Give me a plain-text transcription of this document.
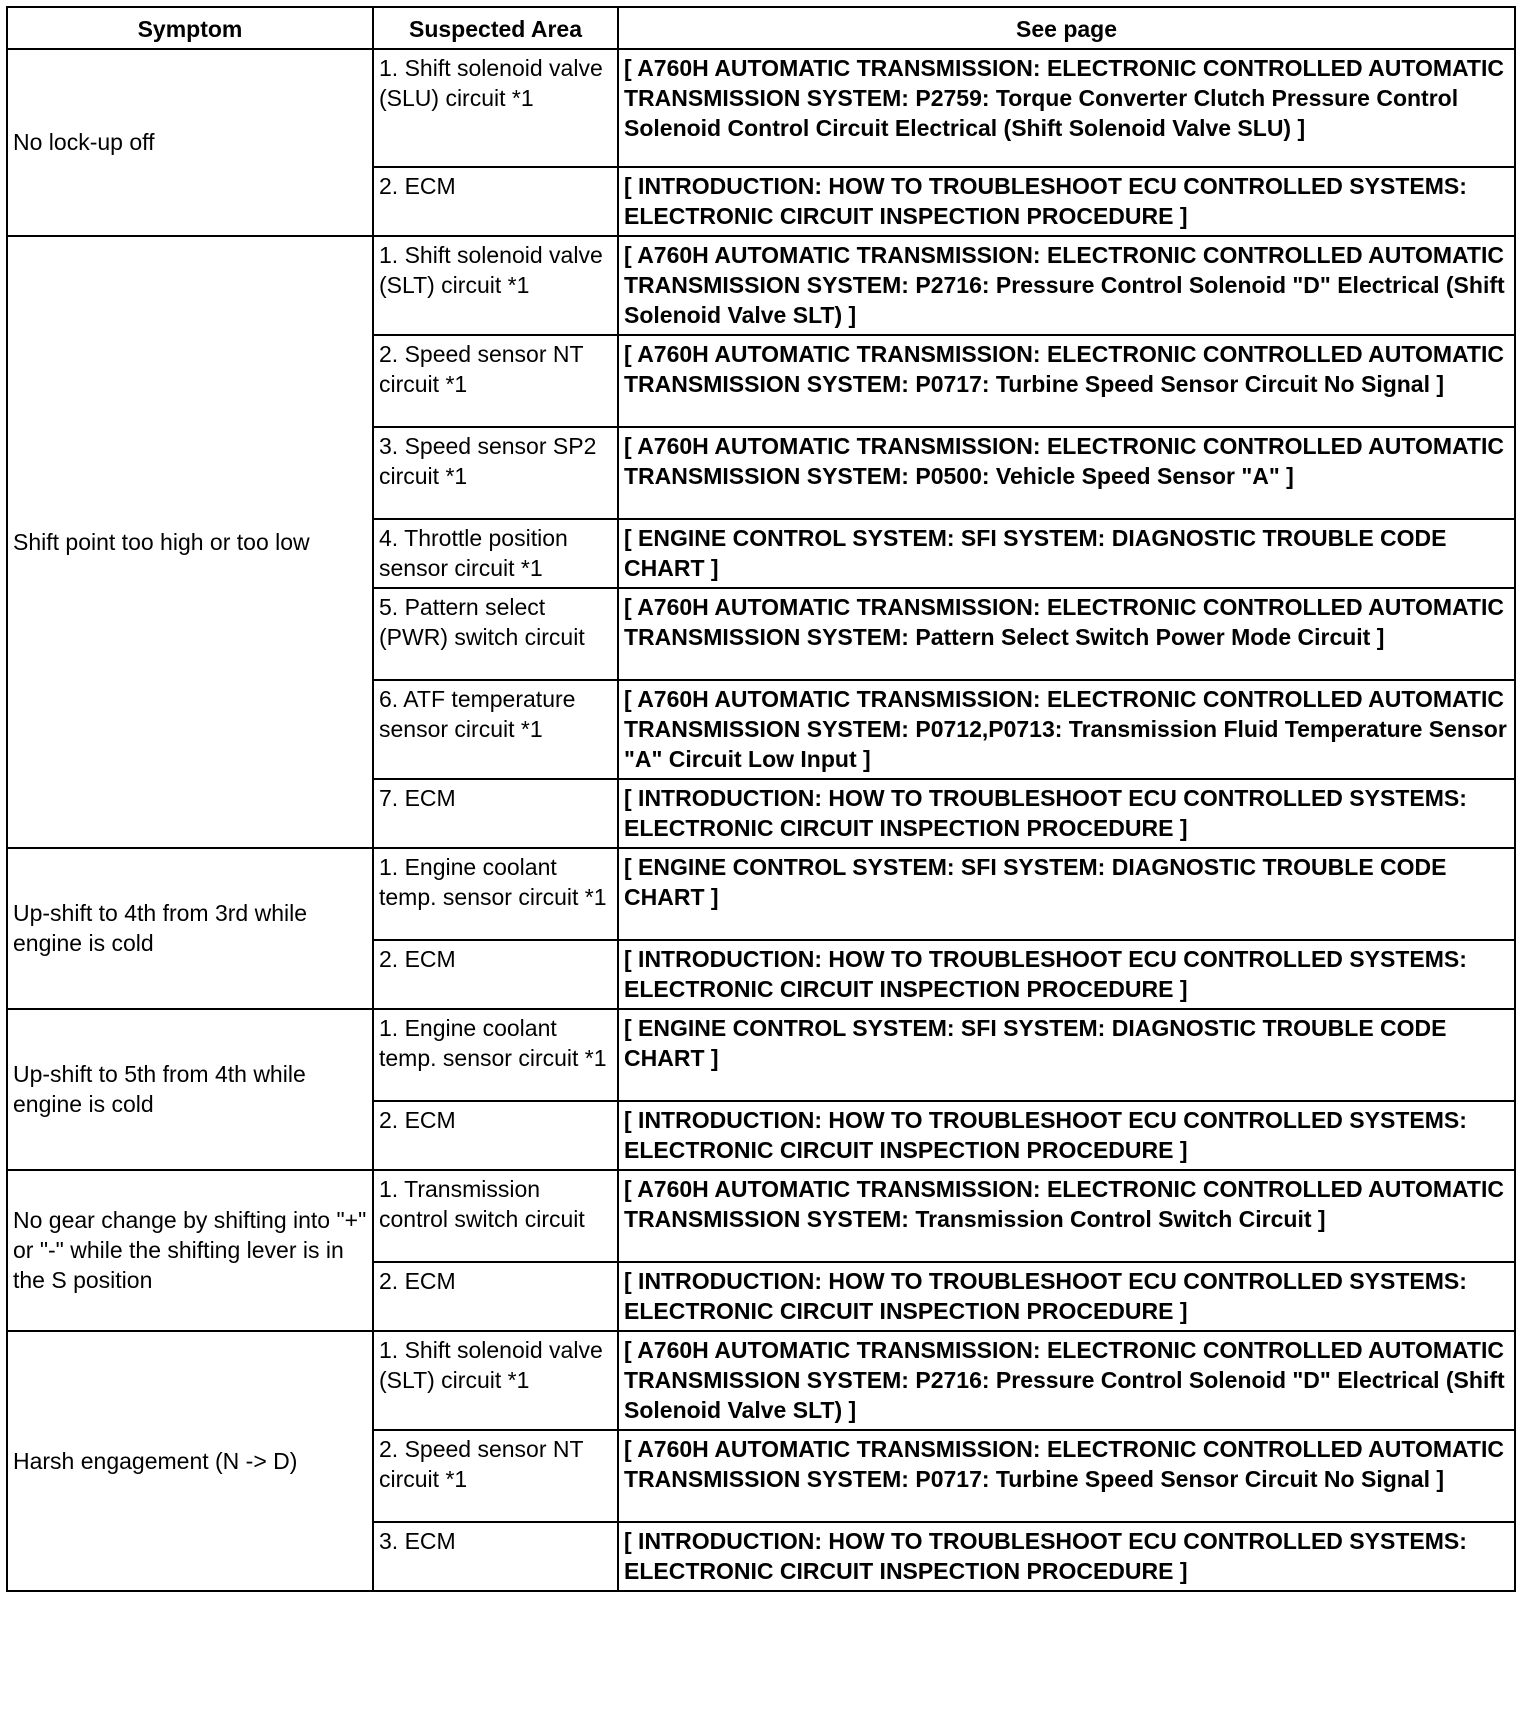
Symptom	Suspected Area	See page
No lock-up off	1. Shift solenoid valve (SLU) circuit *1	[ A760H AUTOMATIC TRANSMISSION: ELECTRONIC CONTROLLED AUTOMATIC TRANSMISSION SYSTEM: P2759: Torque Converter Clutch Pressure Control Solenoid Control Circuit Electrical (Shift Solenoid Valve SLU) ]
	2. ECM	[ INTRODUCTION: HOW TO TROUBLESHOOT ECU CONTROLLED SYSTEMS: ELECTRONIC CIRCUIT INSPECTION PROCEDURE ]
Shift point too high or too low	1. Shift solenoid valve (SLT) circuit *1	[ A760H AUTOMATIC TRANSMISSION: ELECTRONIC CONTROLLED AUTOMATIC TRANSMISSION SYSTEM: P2716: Pressure Control Solenoid "D" Electrical (Shift Solenoid Valve SLT) ]
	2. Speed sensor NT circuit *1	[ A760H AUTOMATIC TRANSMISSION: ELECTRONIC CONTROLLED AUTOMATIC TRANSMISSION SYSTEM: P0717: Turbine Speed Sensor Circuit No Signal ]
	3. Speed sensor SP2 circuit *1	[ A760H AUTOMATIC TRANSMISSION: ELECTRONIC CONTROLLED AUTOMATIC TRANSMISSION SYSTEM: P0500: Vehicle Speed Sensor "A" ]
	4. Throttle position sensor circuit *1	[ ENGINE CONTROL SYSTEM: SFI SYSTEM: DIAGNOSTIC TROUBLE CODE CHART ]
	5. Pattern select (PWR) switch circuit	[ A760H AUTOMATIC TRANSMISSION: ELECTRONIC CONTROLLED AUTOMATIC TRANSMISSION SYSTEM: Pattern Select Switch Power Mode Circuit ]
	6. ATF temperature sensor circuit *1	[ A760H AUTOMATIC TRANSMISSION: ELECTRONIC CONTROLLED AUTOMATIC TRANSMISSION SYSTEM: P0712,P0713: Transmission Fluid Temperature Sensor "A" Circuit Low Input ]
	7. ECM	[ INTRODUCTION: HOW TO TROUBLESHOOT ECU CONTROLLED SYSTEMS: ELECTRONIC CIRCUIT INSPECTION PROCEDURE ]
Up-shift to 4th from 3rd while engine is cold	1. Engine coolant temp. sensor circuit *1	[ ENGINE CONTROL SYSTEM: SFI SYSTEM: DIAGNOSTIC TROUBLE CODE CHART ]
	2. ECM	[ INTRODUCTION: HOW TO TROUBLESHOOT ECU CONTROLLED SYSTEMS: ELECTRONIC CIRCUIT INSPECTION PROCEDURE ]
Up-shift to 5th from 4th while engine is cold	1. Engine coolant temp. sensor circuit *1	[ ENGINE CONTROL SYSTEM: SFI SYSTEM: DIAGNOSTIC TROUBLE CODE CHART ]
	2. ECM	[ INTRODUCTION: HOW TO TROUBLESHOOT ECU CONTROLLED SYSTEMS: ELECTRONIC CIRCUIT INSPECTION PROCEDURE ]
No gear change by shifting into "+" or "-" while the shifting lever is in the S position	1. Transmission control switch circuit	[ A760H AUTOMATIC TRANSMISSION: ELECTRONIC CONTROLLED AUTOMATIC TRANSMISSION SYSTEM: Transmission Control Switch Circuit ]
	2. ECM	[ INTRODUCTION: HOW TO TROUBLESHOOT ECU CONTROLLED SYSTEMS: ELECTRONIC CIRCUIT INSPECTION PROCEDURE ]
Harsh engagement (N -> D)	1. Shift solenoid valve (SLT) circuit *1	[ A760H AUTOMATIC TRANSMISSION: ELECTRONIC CONTROLLED AUTOMATIC TRANSMISSION SYSTEM: P2716: Pressure Control Solenoid "D" Electrical (Shift Solenoid Valve SLT) ]
	2. Speed sensor NT circuit *1	[ A760H AUTOMATIC TRANSMISSION: ELECTRONIC CONTROLLED AUTOMATIC TRANSMISSION SYSTEM: P0717: Turbine Speed Sensor Circuit No Signal ]
	3. ECM	[ INTRODUCTION: HOW TO TROUBLESHOOT ECU CONTROLLED SYSTEMS: ELECTRONIC CIRCUIT INSPECTION PROCEDURE ]
